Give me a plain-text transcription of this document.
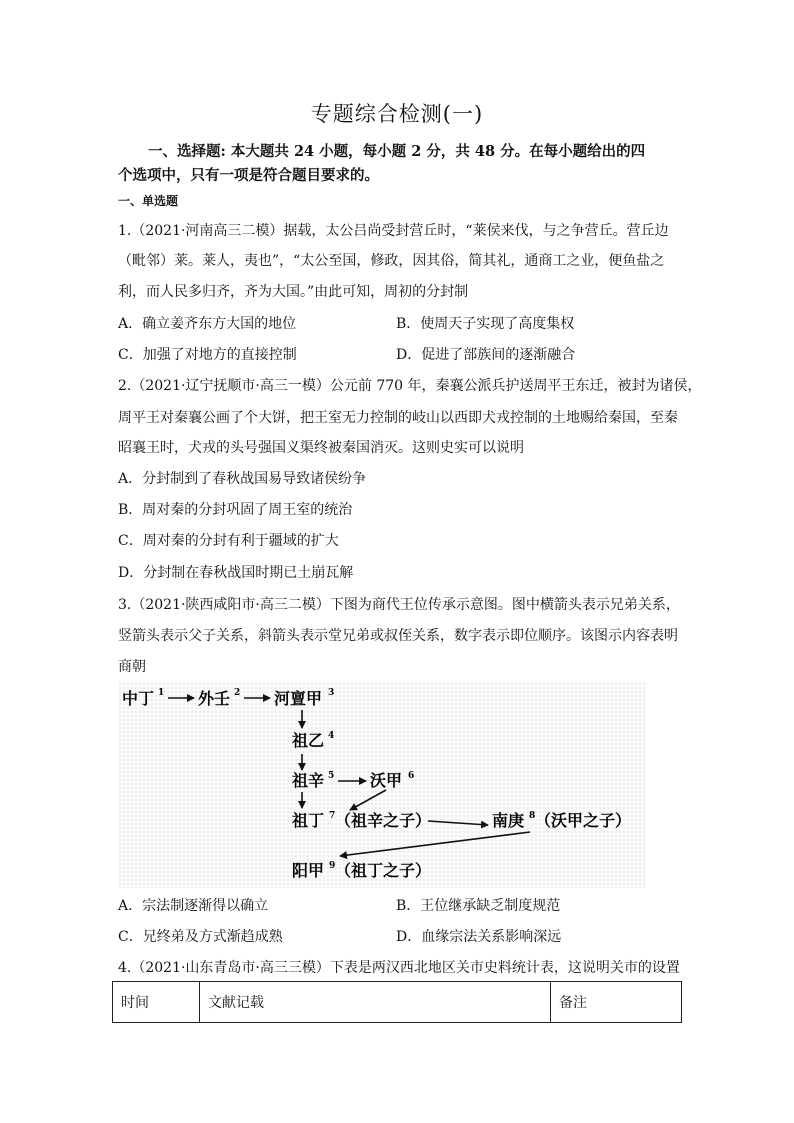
专题综合检测(一)
一、选择题: 本大题共 24 小题，每小题 2 分，共 48 分。在每小题给出的四
个选项中，只有一项是符合题目要求的。
一、单选题
1.（2021·河南高三二模）据载，太公吕尚受封营丘时，“莱侯来伐，与之争营丘。营丘边
（毗邻）莱。莱人，夷也”，“太公至国，修政，因其俗，简其礼，通商工之业，便鱼盐之
利，而人民多归齐，齐为大国。”由此可知，周初的分封制
A．确立姜齐东方大国的地位	B．使周天子实现了高度集权
C．加强了对地方的直接控制	D．促进了部族间的逐渐融合
2.（2021·辽宁抚顺市·高三一模）公元前 770 年，秦襄公派兵护送周平王东迁，被封为诸侯，
周平王对秦襄公画了个大饼，把王室无力控制的岐山以西即犬戎控制的土地赐给秦国，至秦
昭襄王时，犬戎的头号强国义渠终被秦国消灭。这则史实可以说明
A．分封制到了春秋战国易导致诸侯纷争
B．周对秦的分封巩固了周王室的统治
C．周对秦的分封有利于疆域的扩大
D．分封制在春秋战国时期已土崩瓦解
3.（2021·陕西咸阳市·高三二模）下图为商代王位传承示意图。图中横箭头表示兄弟关系，
竖箭头表示父子关系，斜箭头表示堂兄弟或叔侄关系，数字表示即位顺序。该图示内容表明
商朝
中丁 1 外壬 2 河亶甲 3
祖乙 4
祖辛 5 沃甲 6
祖丁 7 （祖辛之子）	南庚 8 （沃甲之子）
阳甲 9 （祖丁之子）
A．宗法制逐渐得以确立	B．王位继承缺乏制度规范
C．兄终弟及方式渐趋成熟	D．血缘宗法关系影响深远
4.（2021·山东青岛市·高三三模）下表是两汉西北地区关市史料统计表，这说明关市的设置
时间	文献记载	备注
